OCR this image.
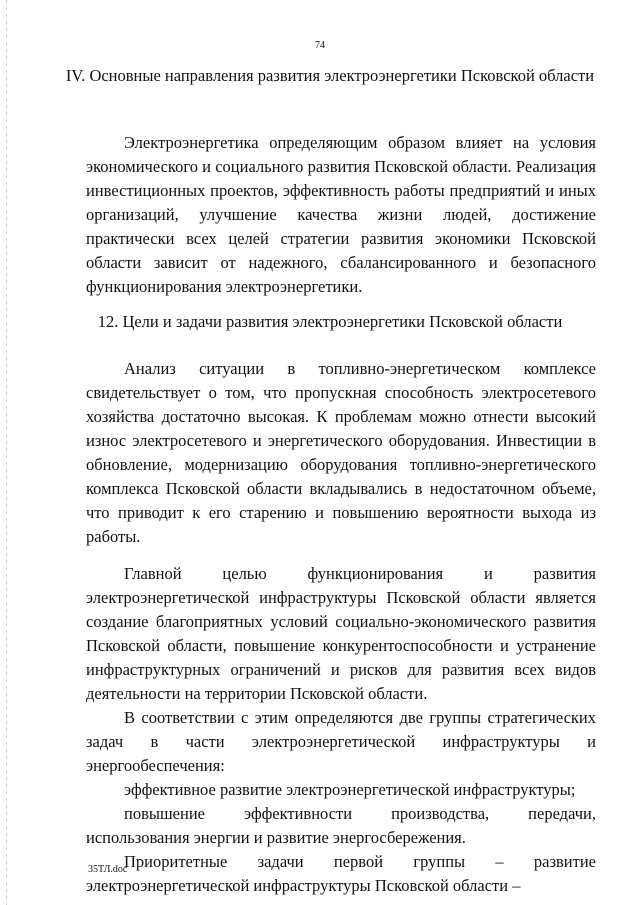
74
IV. Основные направления развития электроэнергетики Псковской области

Электроэнергетика определяющим образом влияет на условия экономического и социального развития Псковской области. Реализация инвестиционных проектов, эффективность работы предприятий и иных организаций, улучшение качества жизни людей, достижение практически всех целей стратегии развития экономики Псковской области зависит от надежного, сбалансированного и безопасного функционирования электроэнергетики.

12. Цели и задачи развития электроэнергетики Псковской области

Анализ ситуации в топливно-энергетическом комплексе свидетельствует о том, что пропускная способность электросетевого хозяйства достаточно высокая. К проблемам можно отнести высокий износ электросетевого и энергетического оборудования. Инвестиции в обновление, модернизацию оборудования топливно-энергетического комплекса Псковской области вкладывались в недостаточном объеме, что приводит к его старению и повышению вероятности выхода из работы.

Главной целью функционирования и развития электроэнергетической инфраструктуры Псковской области является создание благоприятных условий социально-экономического развития Псковской области, повышение конкурентоспособности и устранение инфраструктурных ограничений и рисков для развития всех видов деятельности на территории Псковской области.

В соответствии с этим определяются две группы стратегических задач в части электроэнергетической инфраструктуры и энергообеспечения:

эффективное развитие электроэнергетической инфраструктуры;

повышение эффективности производства, передачи, использования энергии и развитие энергосбережения.

Приоритетные задачи первой группы – развитие электроэнергетической инфраструктуры Псковской области –

35ТЛ.doc
